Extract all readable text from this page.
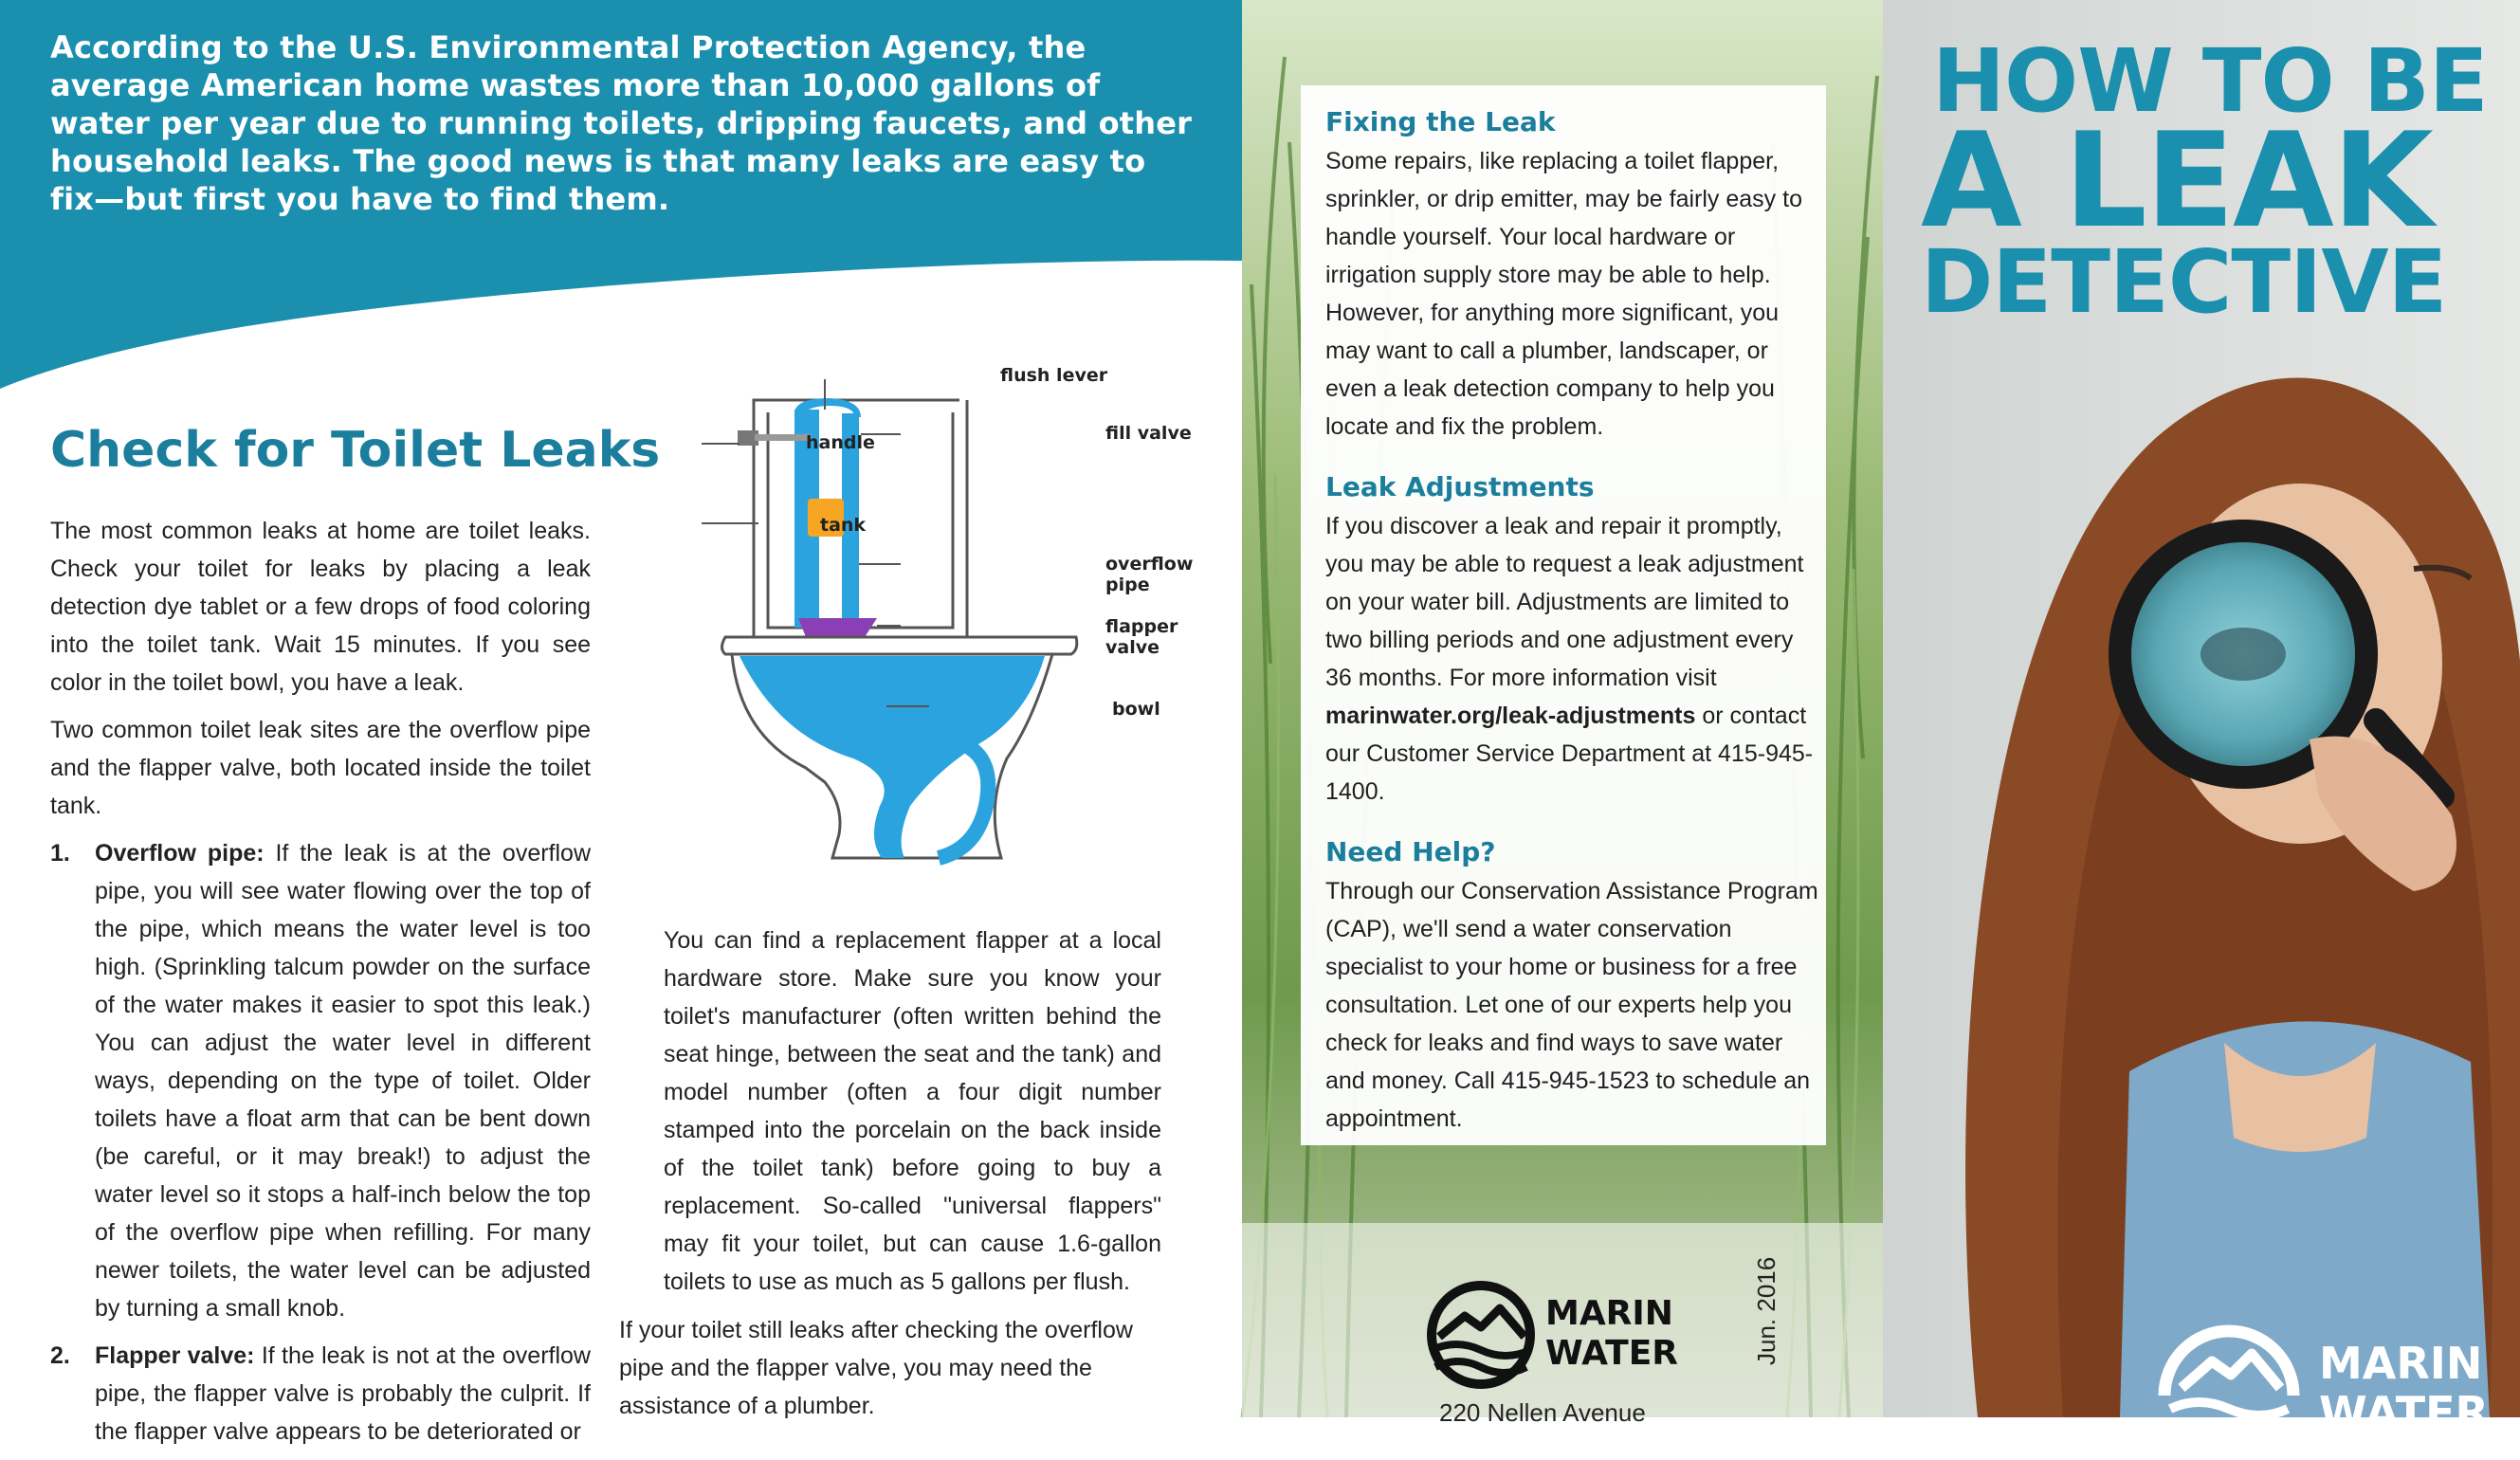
According to the U.S. Environmental Protection Agency, the average American home wastes more than 10,000 gallons of water per year due to running toilets, dripping faucets, and other household leaks. The good news is that many leaks are easy to fix—but first you have to find them.
Check for Toilet Leaks

The most common leaks at home are toilet leaks. Check your toilet for leaks by placing a leak detection dye tablet or a few drops of food coloring into the toilet tank. Wait 15 minutes. If you see color in the toilet bowl, you have a leak.

Two common toilet leak sites are the overflow pipe and the flapper valve, both located inside the toilet tank.

1. Overflow pipe: If the leak is at the overflow pipe, you will see water flowing over the top of the pipe, which means the water level is too high. (Sprinkling talcum powder on the surface of the water makes it easier to spot this leak.) You can adjust the water level in different ways, depending on the type of toilet. Older toilets have a float arm that can be bent down (be careful, or it may break!) to adjust the water level so it stops a half-inch below the top of the overflow pipe when refilling. For many newer toilets, the water level can be adjusted by turning a small knob.
2. Flapper valve: If the leak is not at the overflow pipe, the flapper valve is probably the culprit. If the flapper valve appears to be deteriorated or
You can find a replacement flapper at a local hardware store. Make sure you know your toilet's manufacturer (often written behind the seat hinge, between the seat and the tank) and model number (often a four digit number stamped into the porcelain on the back inside of the toilet tank) before going to buy a replacement. So-called "universal flappers" may fit your toilet, but can cause 1.6-gallon toilets to use as much as 5 gallons per flush.
If your toilet still leaks after checking the overflow pipe and the flapper valve, you may need the assistance of a plumber.
flush lever
handle	fill valve
tank
overflow pipe
flapper valve
bowl
Fixing the Leak
Some repairs, like replacing a toilet flapper, sprinkler, or drip emitter, may be fairly easy to handle yourself. Your local hardware or irrigation supply store may be able to help. However, for anything more significant, you may want to call a plumber, landscaper, or even a leak detection company to help you locate and fix the problem.
Leak Adjustments
If you discover a leak and repair it promptly, you may be able to request a leak adjustment on your water bill. Adjustments are limited to two billing periods and one adjustment every 36 months. For more information visit marinwater.org/leak-adjustments or contact our Customer Service Department at 415-945-1400.
Need Help?
Through our Conservation Assistance Program (CAP), we'll send a water conservation specialist to your home or business for a free consultation. Let one of our experts help you check for leaks and find ways to save water and money. Call 415-945-1523 to schedule an appointment.
MARIN
WATER	Jun. 2016
220 Nellen Avenue
HOW TO BE
A LEAK
DETECTIVE
MARIN
WATER
